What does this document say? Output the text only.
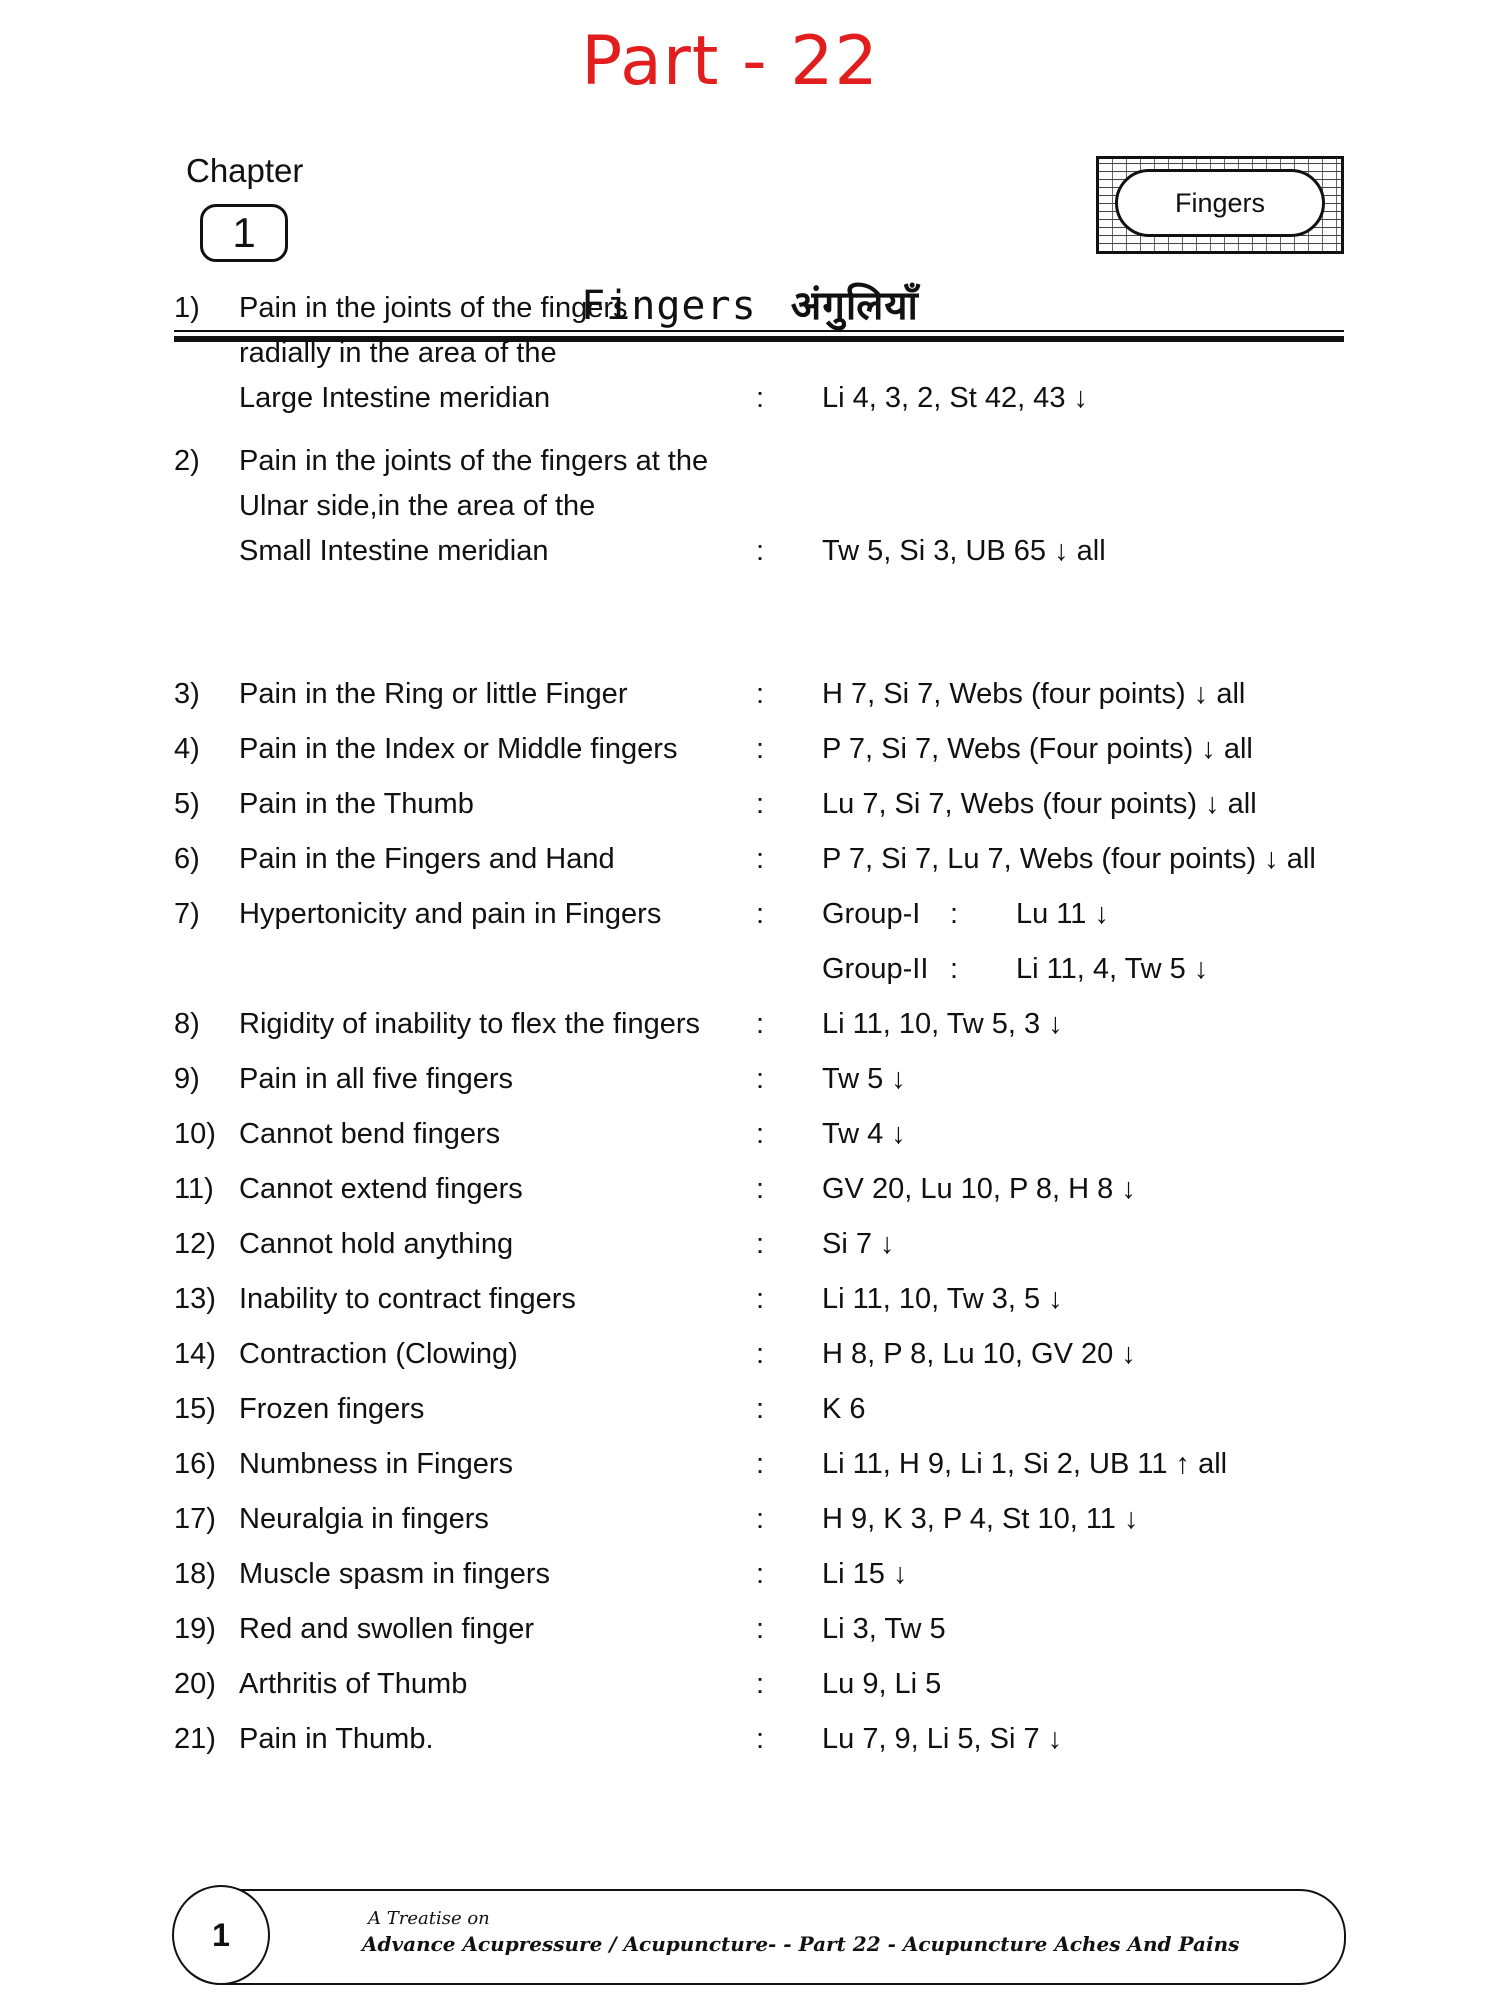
Part - 22
Chapter
1
Fingers
Fingers अंगुलियाँ
1) Pain in the joints of the fingers
radially in the area of the
Large Intestine meridian	: Li 4, 3, 2, St 42, 43 ↓
2) Pain in the joints of the fingers at the
Ulnar side,in the area of the
Small Intestine meridian	: Tw 5, Si 3, UB 65 ↓ all
3) Pain in the Ring or little Finger	: H 7, Si 7, Webs (four points) ↓ all
4) Pain in the Index or Middle fingers	: P 7, Si 7, Webs (Four points) ↓ all
5) Pain in the Thumb	: Lu 7, Si 7, Webs (four points) ↓ all
6) Pain in the Fingers and Hand	: P 7, Si 7, Lu 7, Webs (four points) ↓ all
7) Hypertonicity and pain in Fingers	Group-I : Lu 11 ↓
Group-II : Li 11, 4, Tw 5 ↓
:
8) Rigidity of inability to flex the fingers : Li 11, 10, Tw 5, 3 ↓
9) Pain in all five fingers	: Tw 5 ↓
10) Cannot bend fingers	: Tw 4 ↓
11) Cannot extend fingers	: GV 20, Lu 10, P 8, H 8 ↓
12) Cannot hold anything	: Si 7 ↓
13) Inability to contract fingers	: Li 11, 10, Tw 3, 5 ↓
14) Contraction (Clowing)	: H 8, P 8, Lu 10, GV 20 ↓
15) Frozen fingers	: K 6
16) Numbness in Fingers	: Li 11, H 9, Li 1, Si 2, UB 11 ↑ all
17) Neuralgia in fingers	: H 9, K 3, P 4, St 10, 11 ↓
18) Muscle spasm in fingers	: Li 15 ↓
19) Red and swollen finger	: Li 3, Tw 5
20) Arthritis of Thumb	: Lu 9, Li 5
21) Pain in Thumb.	: Lu 7, 9, Li 5, Si 7 ↓
1	A Treatise on
Advance Acupressure / Acupuncture- - Part 22 - Acupuncture Aches And Pains
